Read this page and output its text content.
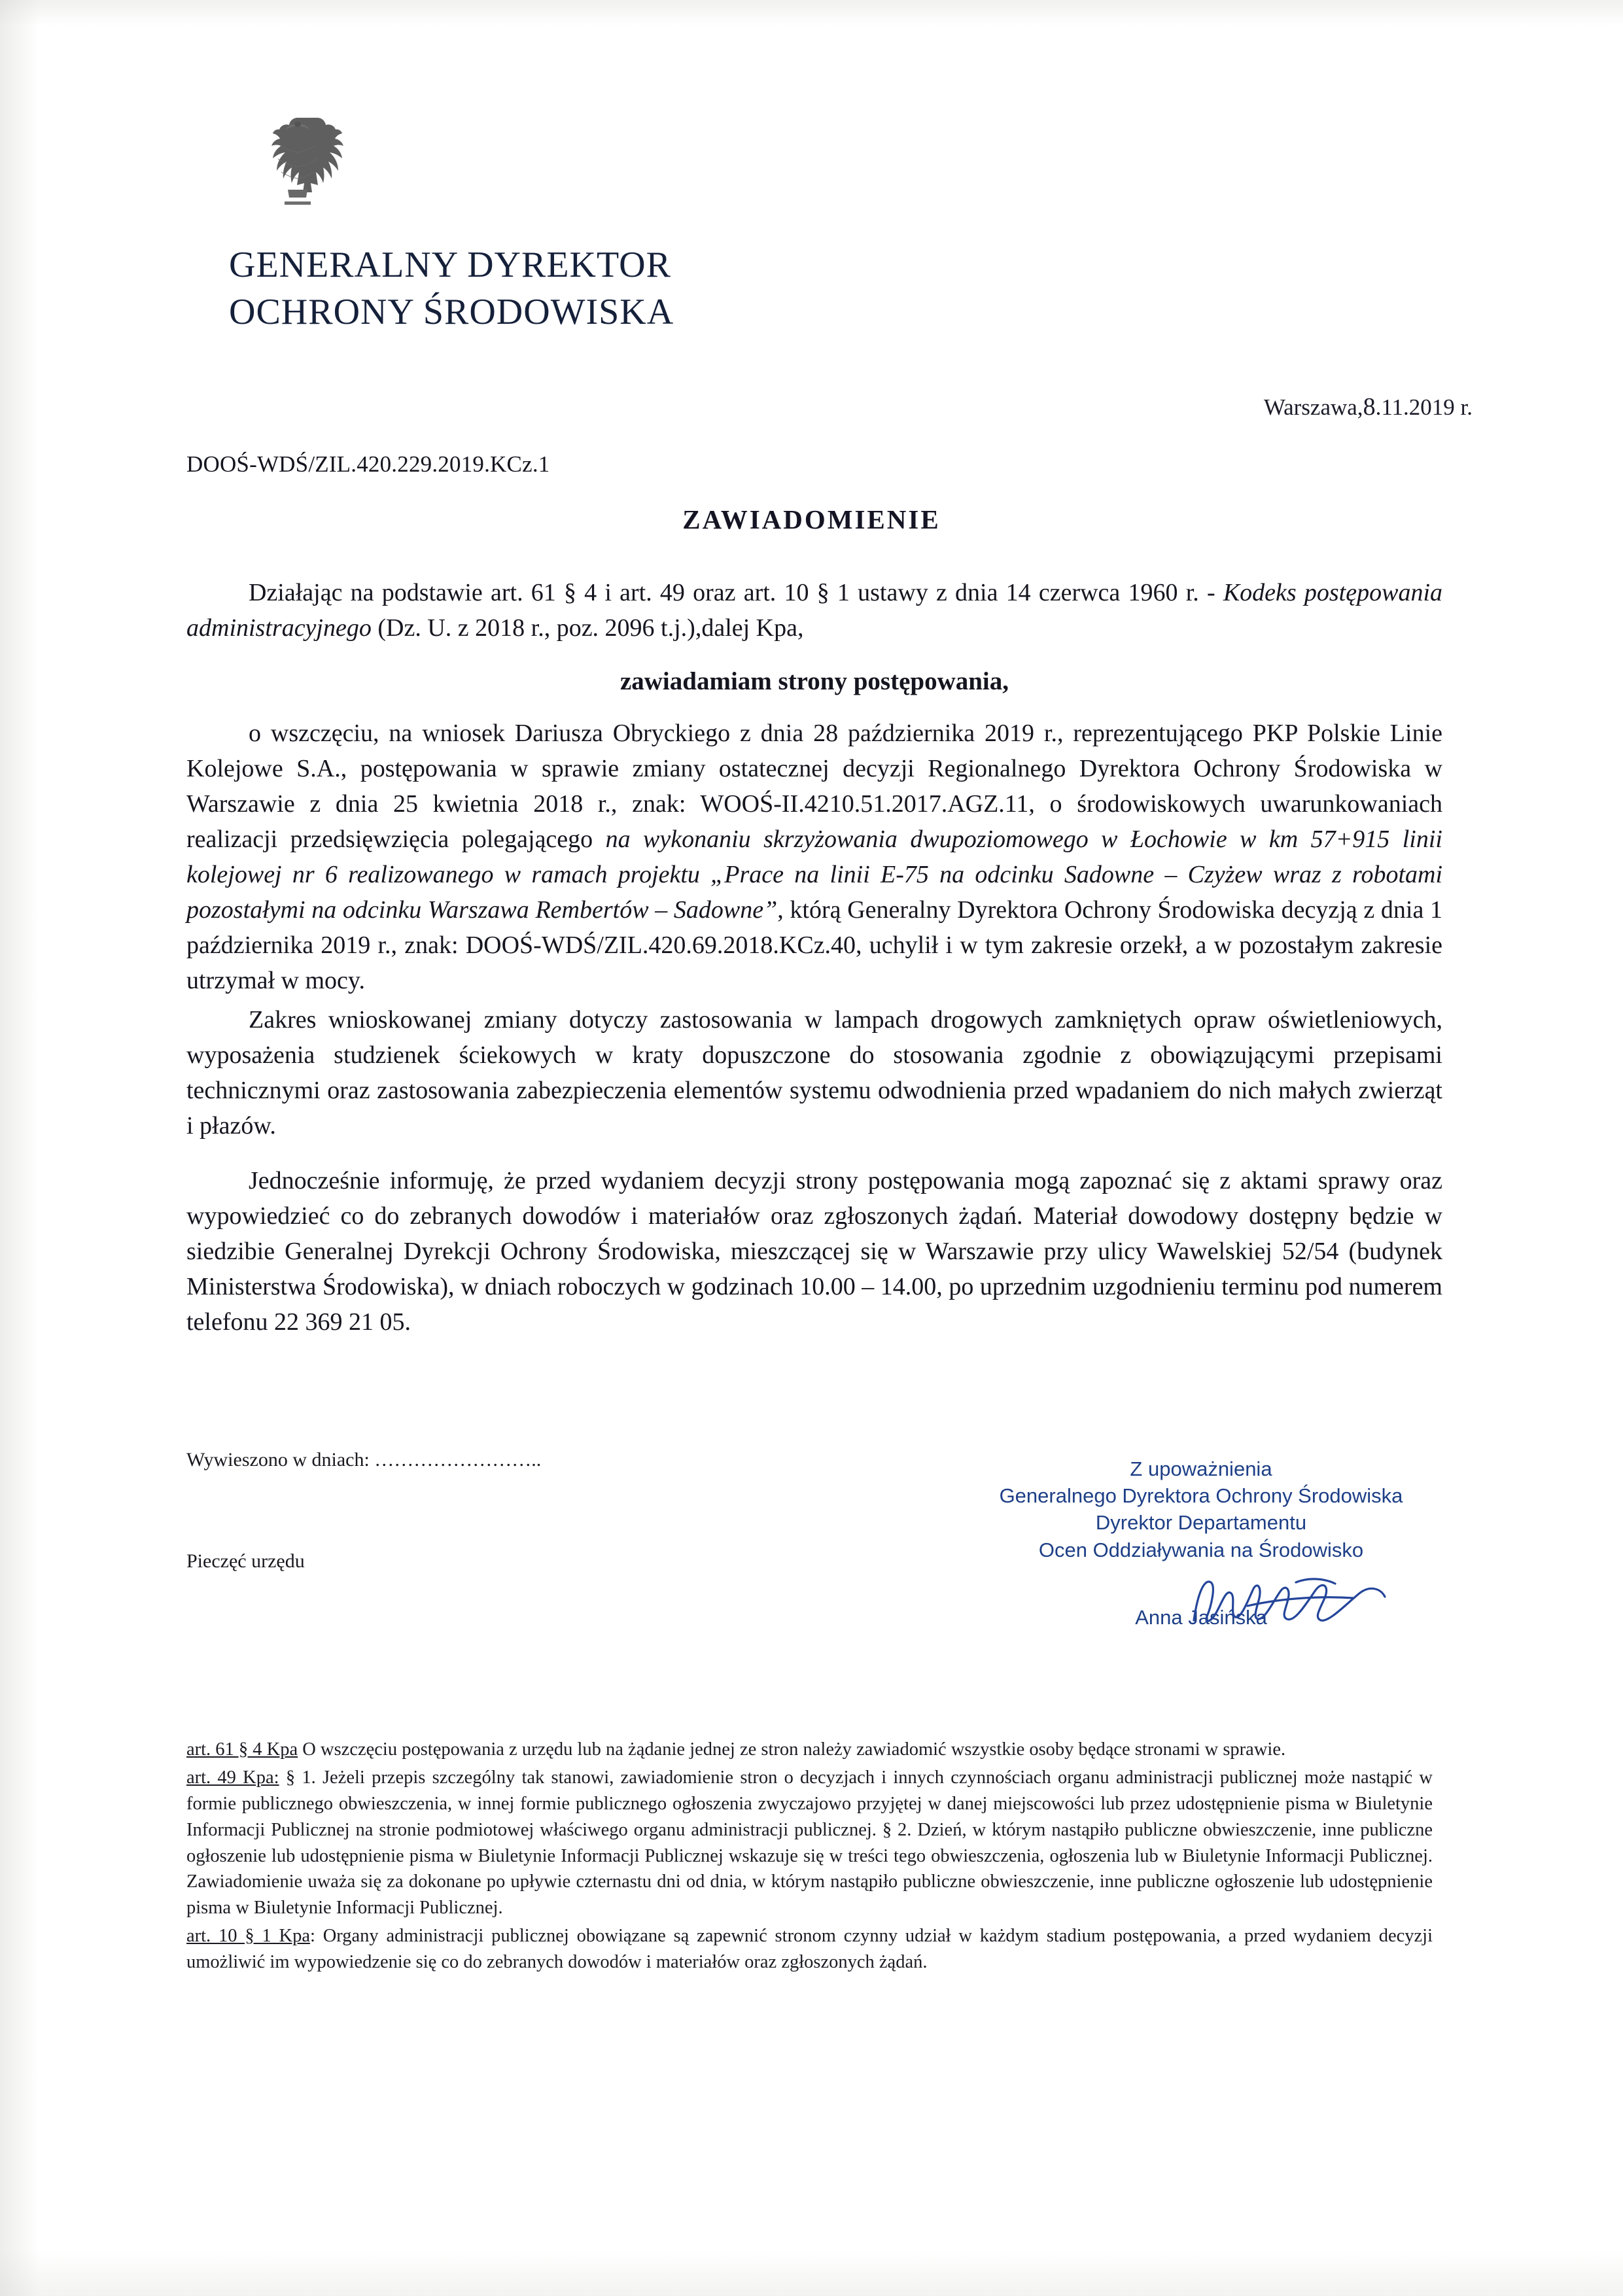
GENERALNY DYREKTOR
OCHRONY ŚRODOWISKA
Warszawa,8.11.2019 r.
DOOŚ-WDŚ/ZIL.420.229.2019.KCz.1
ZAWIADOMIENIE

Działając na podstawie art. 61 § 4 i art. 49 oraz art. 10 § 1 ustawy z dnia 14 czerwca 1960 r. - Kodeks postępowania administracyjnego (Dz. U. z 2018 r., poz. 2096 t.j.),dalej Kpa,

zawiadamiam strony postępowania,

o wszczęciu, na wniosek Dariusza Obryckiego z dnia 28 października 2019 r., reprezentującego PKP Polskie Linie Kolejowe S.A., postępowania w sprawie zmiany ostatecznej decyzji Regionalnego Dyrektora Ochrony Środowiska w Warszawie z dnia 25 kwietnia 2018 r., znak: WOOŚ-II.4210.51.2017.AGZ.11, o środowiskowych uwarunkowaniach realizacji przedsięwzięcia polegającego na wykonaniu skrzyżowania dwupoziomowego w Łochowie w km 57+915 linii kolejowej nr 6 realizowanego w ramach projektu „Prace na linii E-75 na odcinku Sadowne – Czyżew wraz z robotami pozostałymi na odcinku Warszawa Rembertów – Sadowne”, którą Generalny Dyrektora Ochrony Środowiska decyzją z dnia 1 października 2019 r., znak: DOOŚ-WDŚ/ZIL.420.69.2018.KCz.40, uchylił i w tym zakresie orzekł, a w pozostałym zakresie utrzymał w mocy.

Zakres wnioskowanej zmiany dotyczy zastosowania w lampach drogowych zamkniętych opraw oświetleniowych, wyposażenia studzienek ściekowych w kraty dopuszczone do stosowania zgodnie z obowiązującymi przepisami technicznymi oraz zastosowania zabezpieczenia elementów systemu odwodnienia przed wpadaniem do nich małych zwierząt i płazów.

Jednocześnie informuję, że przed wydaniem decyzji strony postępowania mogą zapoznać się z aktami sprawy oraz wypowiedzieć co do zebranych dowodów i materiałów oraz zgłoszonych żądań. Materiał dowodowy dostępny będzie w siedzibie Generalnej Dyrekcji Ochrony Środowiska, mieszczącej się w Warszawie przy ulicy Wawelskiej 52/54 (budynek Ministerstwa Środowiska), w dniach roboczych w godzinach 10.00 – 14.00, po uprzednim uzgodnieniu terminu pod numerem telefonu 22 369 21 05.

Wywieszono w dniach: ……………………..
Pieczęć urzędu
Z upoważnienia
Generalnego Dyrektora Ochrony Środowiska
Dyrektor Departamentu
Ocen Oddziaływania na Środowisko
Anna Jasińska

art. 61 § 4 Kpa O wszczęciu postępowania z urzędu lub na żądanie jednej ze stron należy zawiadomić wszystkie osoby będące stronami w sprawie.

art. 49 Kpa: § 1. Jeżeli przepis szczególny tak stanowi, zawiadomienie stron o decyzjach i innych czynnościach organu administracji publicznej może nastąpić w formie publicznego obwieszczenia, w innej formie publicznego ogłoszenia zwyczajowo przyjętej w danej miejscowości lub przez udostępnienie pisma w Biuletynie Informacji Publicznej na stronie podmiotowej właściwego organu administracji publicznej. § 2. Dzień, w którym nastąpiło publiczne obwieszczenie, inne publiczne ogłoszenie lub udostępnienie pisma w Biuletynie Informacji Publicznej wskazuje się w treści tego obwieszczenia, ogłoszenia lub w Biuletynie Informacji Publicznej. Zawiadomienie uważa się za dokonane po upływie czternastu dni od dnia, w którym nastąpiło publiczne obwieszczenie, inne publiczne ogłoszenie lub udostępnienie pisma w Biuletynie Informacji Publicznej.

art. 10 § 1 Kpa: Organy administracji publicznej obowiązane są zapewnić stronom czynny udział w każdym stadium postępowania, a przed wydaniem decyzji umożliwić im wypowiedzenie się co do zebranych dowodów i materiałów oraz zgłoszonych żądań.
